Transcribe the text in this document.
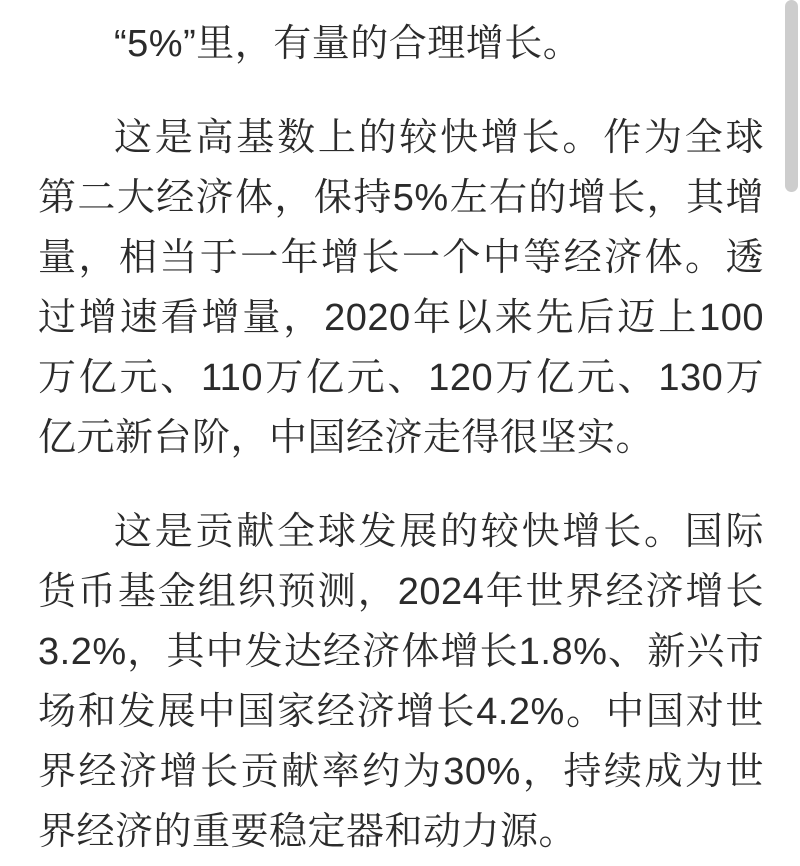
“5%”里，有量的合理增长。

这是高基数上的较快增长。作为全球第二大经济体，保持5%左右的增长，其增量，相当于一年增长一个中等经济体。透过增速看增量，2020年以来先后迈上100万亿元、110万亿元、120万亿元、130万亿元新台阶，中国经济走得很坚实。

这是贡献全球发展的较快增长。国际货币基金组织预测，2024年世界经济增长3.2%，其中发达经济体增长1.8%、新兴市场和发展中国家经济增长4.2%。中国对世界经济增长贡献率约为30%，持续成为世界经济的重要稳定器和动力源。
